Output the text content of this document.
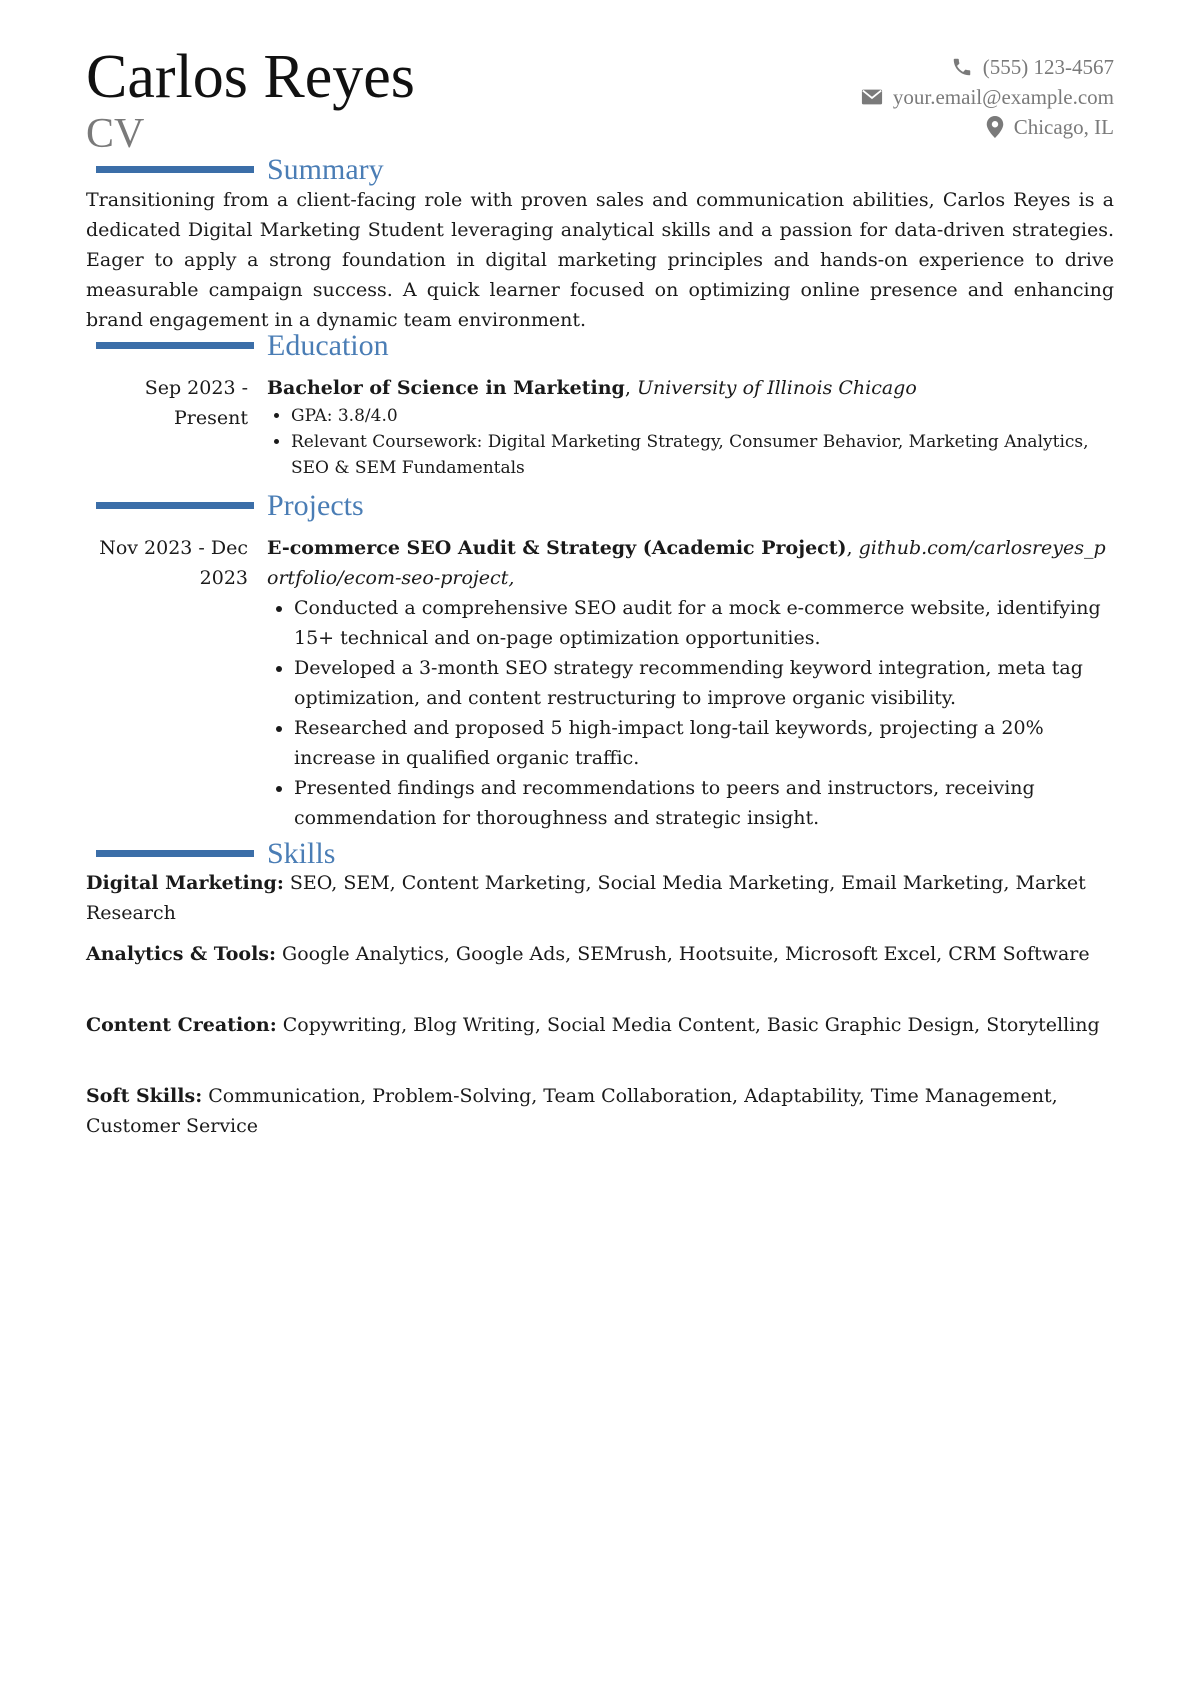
Carlos Reyes
CV
(555) 123-4567
your.email@example.com
Chicago, IL
Summary
Transitioning from a client-facing role with proven sales and communication abilities, Carlos Reyes is a dedicated Digital Marketing Student leveraging analytical skills and a passion for data-driven strategies. Eager to apply a strong foundation in digital marketing principles and hands-on experience to drive measurable campaign success. A quick learner focused on optimizing online presence and enhancing brand engagement in a dynamic team environment.
Education
Sep 2023 - Present
Bachelor of Science in Marketing, University of Illinois Chicago
• GPA: 3.8/4.0
• Relevant Coursework: Digital Marketing Strategy, Consumer Behavior, Marketing Analytics, SEO & SEM Fundamentals
Projects
Nov 2023 - Dec 2023
E-commerce SEO Audit & Strategy (Academic Project), github.com/carlosreyes_portfolio/ecom-seo-project,
• Conducted a comprehensive SEO audit for a mock e-commerce website, identifying 15+ technical and on-page optimization opportunities.
• Developed a 3-month SEO strategy recommending keyword integration, meta tag optimization, and content restructuring to improve organic visibility.
• Researched and proposed 5 high-impact long-tail keywords, projecting a 20% increase in qualified organic traffic.
• Presented findings and recommendations to peers and instructors, receiving commendation for thoroughness and strategic insight.
Skills
Digital Marketing: SEO, SEM, Content Marketing, Social Media Marketing, Email Marketing, Market Research
Analytics & Tools: Google Analytics, Google Ads, SEMrush, Hootsuite, Microsoft Excel, CRM Software
Content Creation: Copywriting, Blog Writing, Social Media Content, Basic Graphic Design, Storytelling
Soft Skills: Communication, Problem-Solving, Team Collaboration, Adaptability, Time Management, Customer Service
